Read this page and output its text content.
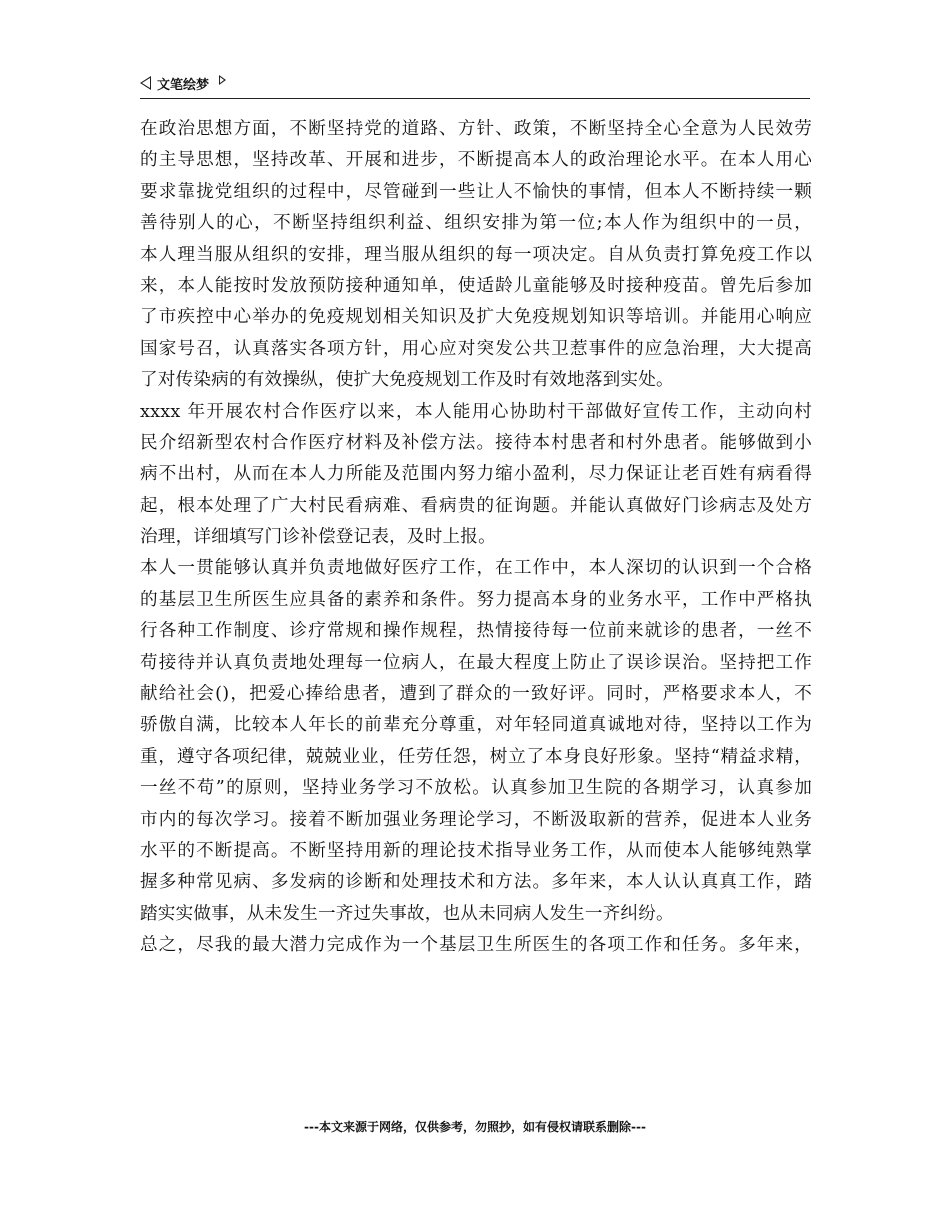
文笔绘梦
在政治思想方面，不断坚持党的道路、方针、政策，不断坚持全心全意为人民效劳
的主导思想，坚持改革、开展和进步，不断提高本人的政治理论水平。在本人用心
要求靠拢党组织的过程中，尽管碰到一些让人不愉快的事情，但本人不断持续一颗
善待别人的心，不断坚持组织利益、组织安排为第一位;本人作为组织中的一员，
本人理当服从组织的安排，理当服从组织的每一项决定。自从负责打算免疫工作以
来，本人能按时发放预防接种通知单，使适龄儿童能够及时接种疫苗。曾先后参加
了市疾控中心举办的免疫规划相关知识及扩大免疫规划知识等培训。并能用心响应
国家号召，认真落实各项方针，用心应对突发公共卫惹事件的应急治理，大大提高
了对传染病的有效操纵，使扩大免疫规划工作及时有效地落到实处。
xxxx 年开展农村合作医疗以来，本人能用心协助村干部做好宣传工作，主动向村
民介绍新型农村合作医疗材料及补偿方法。接待本村患者和村外患者。能够做到小
病不出村，从而在本人力所能及范围内努力缩小盈利，尽力保证让老百姓有病看得
起，根本处理了广大村民看病难、看病贵的征询题。并能认真做好门诊病志及处方
治理，详细填写门诊补偿登记表，及时上报。
本人一贯能够认真并负责地做好医疗工作，在工作中，本人深切的认识到一个合格
的基层卫生所医生应具备的素养和条件。努力提高本身的业务水平，工作中严格执
行各种工作制度、诊疗常规和操作规程，热情接待每一位前来就诊的患者，一丝不
苟接待并认真负责地处理每一位病人，在最大程度上防止了误诊误治。坚持把工作
献给社会()，把爱心捧给患者，遭到了群众的一致好评。同时，严格要求本人，不
骄傲自满，比较本人年长的前辈充分尊重，对年轻同道真诚地对待，坚持以工作为
重，遵守各项纪律，兢兢业业，任劳任怨，树立了本身良好形象。坚持“精益求精，
一丝不苟”的原则，坚持业务学习不放松。认真参加卫生院的各期学习，认真参加
市内的每次学习。接着不断加强业务理论学习，不断汲取新的营养，促进本人业务
水平的不断提高。不断坚持用新的理论技术指导业务工作，从而使本人能够纯熟掌
握多种常见病、多发病的诊断和处理技术和方法。多年来，本人认认真真工作，踏
踏实实做事，从未发生一齐过失事故，也从未同病人发生一齐纠纷。
总之，尽我的最大潜力完成作为一个基层卫生所医生的各项工作和任务。多年来，
---本文来源于网络，仅供参考，勿照抄，如有侵权请联系删除---
